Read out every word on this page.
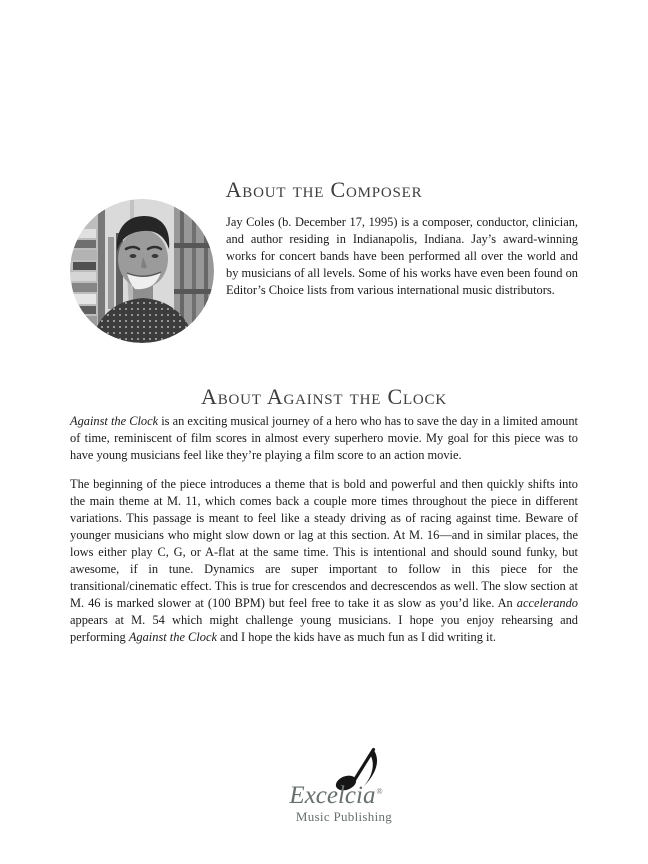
About the Composer

Jay Coles (b. December 17, 1995) is a composer, conductor, clinician, and author residing in Indianapolis, Indiana. Jay’s award-winning works for concert bands have been performed all over the world and by musicians of all levels. Some of his works have even been found on Editor’s Choice lists from various international music distributors.

About Against the Clock

Against the Clock is an exciting musical journey of a hero who has to save the day in a limited amount of time, reminiscent of film scores in almost every superhero movie. My goal for this piece was to have young musicians feel like they’re playing a film score to an action movie.

The beginning of the piece introduces a theme that is bold and powerful and then quickly shifts into the main theme at M. 11, which comes back a couple more times throughout the piece in different variations. This passage is meant to feel like a steady driving as of racing against time. Beware of younger musicians who might slow down or lag at this section. At M. 16—and in similar places, the lows either play C, G, or A-flat at the same time. This is intentional and should sound funky, but awesome, if in tune. Dynamics are super important to follow in this piece for the transitional/cinematic effect. This is true for crescendos and decrescendos as well. The slow section at M. 46 is marked slower at (100 BPM) but feel free to take it as slow as you’d like. An accelerando appears at M. 54 which might challenge young musicians. I hope you enjoy rehearsing and performing Against the Clock and I hope the kids have as much fun as I did writing it.

Excelcia®
Music Publishing
